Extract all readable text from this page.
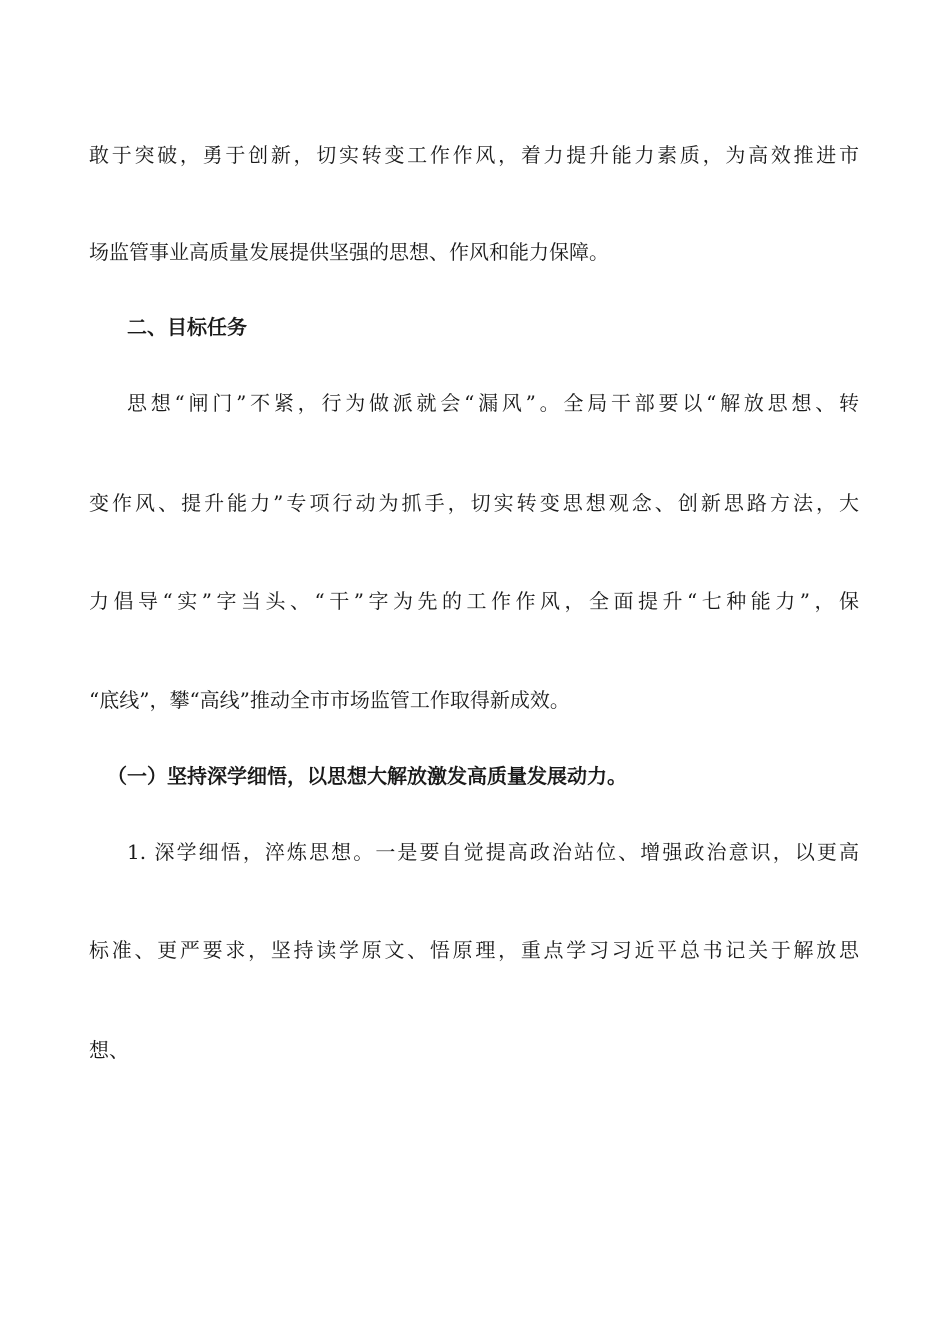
敢于突破，勇于创新，切实转变工作作风，着力提升能力素质，为高效推进市
场监管事业高质量发展提供坚强的思想、作风和能力保障。
二、目标任务
思想“闸门”不紧，行为做派就会“漏风”。全局干部要以“解放思想、转
变作风、提升能力”专项行动为抓手，切实转变思想观念、创新思路方法，大
力倡导“实”字当头、“干”字为先的工作作风，全面提升“七种能力”，保
“底线”，攀“高线”推动全市市场监管工作取得新成效。
（一）坚持深学细悟，以思想大解放激发高质量发展动力。
1. 深学细悟，淬炼思想。一是要自觉提高政治站位、增强政治意识，以更高
标准、更严要求，坚持读学原文、悟原理，重点学习习近平总书记关于解放思
想、
